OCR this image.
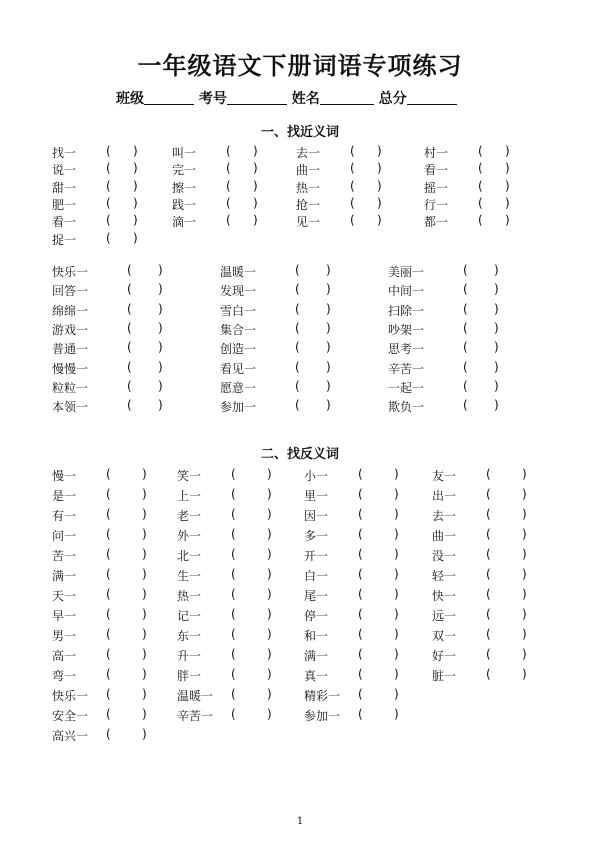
一年级语文下册词语专项练习
班级	考号	姓名	总分
一、找近义词
找一 ( )	叫一 ( )	去一 ( )	村一 ( )
说一 ( )	完一 ( )	曲一 ( )	看一 ( )
甜一 ( )	擦一 ( )	热一 ( )	摇一 ( )
肥一 ( )	践一 ( )	抢一 ( )	行一 ( )
看一 ( )	滴一 ( )	见一 ( )	都一 ( )
捉一 ( )
快乐一	( )	温暖一	( )	美丽一	( )
回答一	( )	发现一	( )	中间一	( )
绵绵一	( )	雪白一	( )	扫除一	( )
游戏一	( )	集合一	( )	吵架一	( )
普通一	( )	创造一	( )	思考一	( )
慢慢一	( )	看见一	( )	辛苦一	( )
粒粒一	( )	愿意一	( )	一起一	( )
本领一	( )	参加一	( )	欺负一	( )
二、找反义词
慢一 (	)	笑一 (	)	小一 (	)	友一 (	)
是一 (	)	上一 (	)	里一 (	)	出一 (	)
有一 (	)	老一 (	)	因一 (	)	去一 (	)
问一 (	)	外一 (	)	多一 (	)	曲一 (	)
苦一 (	)	北一 (	)	开一 (	)	没一 (	)
满一 (	)	生一 (	)	白一 (	)	轻一 (	)
天一 (	)	热一 (	)	尾一 (	)	快一 (	)
早一 (	)	记一 (	)	停一 (	)	远一 (	)
男一 (	)	东一 (	)	和一 (	)	双一 (	)
高一 (	)	升一 (	)	满一 (	)	好一 (	)
弯一 (	)	胖一 (	)	真一 (	)	脏一 (	)
快乐一 (	)	温暖一 (	)	精彩一 (	)
安全一 (	)	辛苦一 (	)	参加一 (	)
高兴一 (	)
1
